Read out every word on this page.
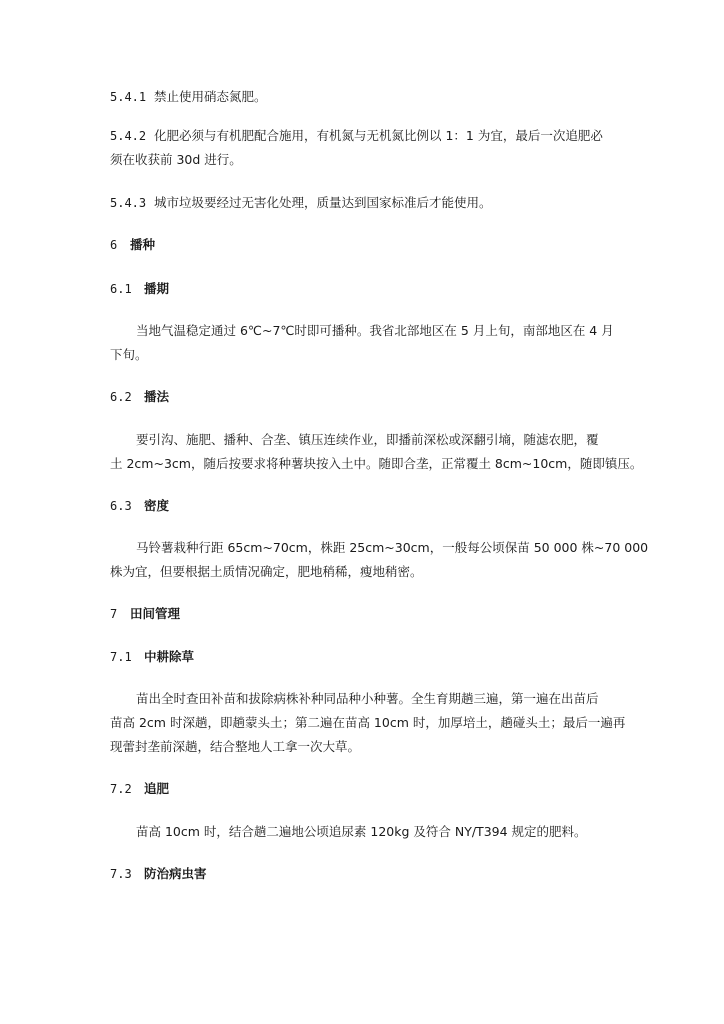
5.4.1 禁止使用硝态氮肥。
5.4.2 化肥必须与有机肥配合施用，有机氮与无机氮比例以 1：1 为宜，最后一次追肥必
须在收获前 30d 进行。
5.4.3 城市垃圾要经过无害化处理，质量达到国家标准后才能使用。
6 播种
6.1 播期
当地气温稳定通过 6℃~7℃时即可播种。我省北部地区在 5 月上旬，南部地区在 4 月
下旬。
6.2 播法
要引沟、施肥、播种、合垄、镇压连续作业，即播前深松或深翻引墒，随滤农肥，覆
土 2cm~3cm，随后按要求将种薯块按入土中。随即合垄，正常覆土 8cm~10cm，随即镇压。
6.3 密度
马铃薯栽种行距 65cm~70cm，株距 25cm~30cm，一般每公顷保苗 50 000 株~70 000
株为宜，但要根据土质情况确定，肥地稍稀，瘦地稍密。
7 田间管理
7.1 中耕除草
苗出全时查田补苗和拔除病株补种同品种小种薯。全生育期趟三遍，第一遍在出苗后
苗高 2cm 时深趟，即趟蒙头土；第二遍在苗高 10cm 时，加厚培土，趟碰头土；最后一遍再
现蕾封垄前深趟，结合整地人工拿一次大草。
7.2 追肥
苗高 10cm 时，结合趟二遍地公顷追尿素 120kg 及符合 NY/T394 规定的肥料。
7.3 防治病虫害
